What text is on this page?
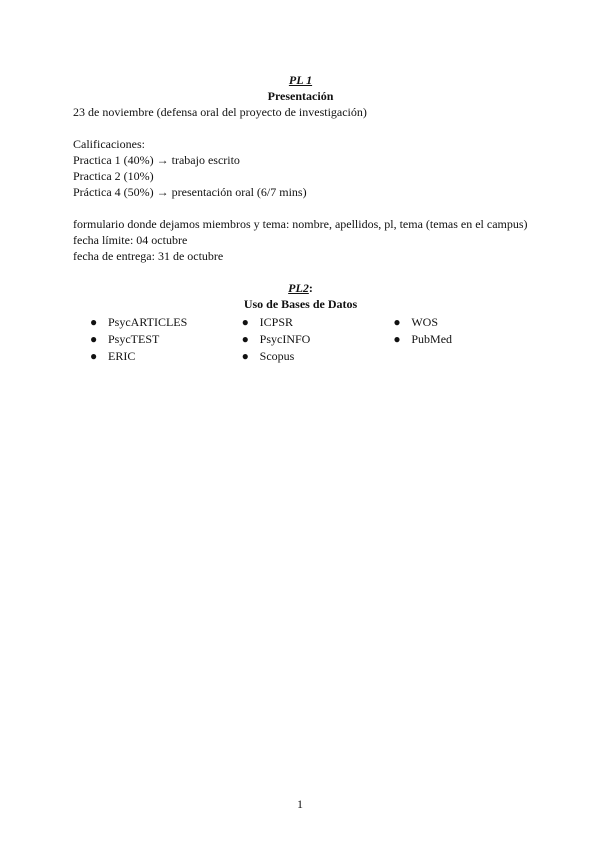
PL 1
Presentación
23 de noviembre (defensa oral del proyecto de investigación)
Calificaciones:
Practica 1 (40%) → trabajo escrito
Practica 2 (10%)
Práctica 4 (50%) → presentación oral (6/7 mins)
formulario donde dejamos miembros y tema: nombre, apellidos, pl, tema (temas en el campus)
fecha límite: 04 octubre
fecha de entrega: 31 de octubre
PL2:
Uso de Bases de Datos
● PsycARTICLES
● PsycTEST
● ERIC
● ICPSR
● PsycINFO
● Scopus
● WOS
● PubMed
1
